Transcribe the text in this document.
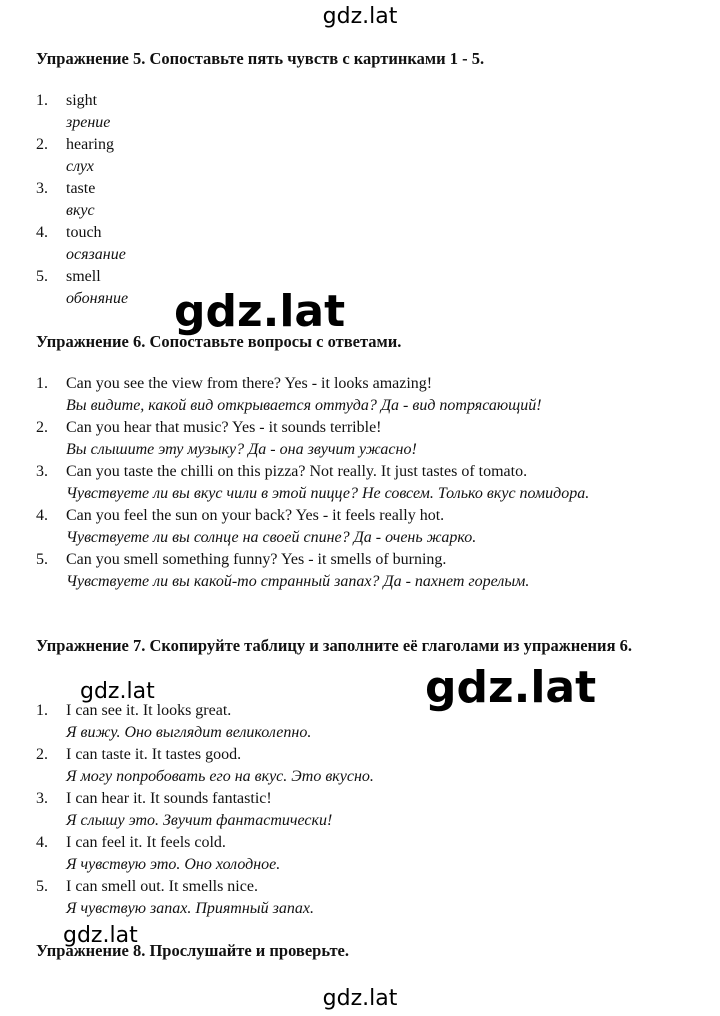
gdz.lat
Упражнение 5. Сопоставьте пять чувств с картинками 1 - 5.
1. sight
зрение
2. hearing
слух
3. taste
вкус
4. touch
осязание
5. smell
обоняние
Упражнение 6. Сопоставьте вопросы с ответами.
1. Can you see the view from there? Yes - it looks amazing!
Вы видите, какой вид открывается оттуда? Да - вид потрясающий!
2. Can you hear that music? Yes - it sounds terrible!
Вы слышите эту музыку? Да - она звучит ужасно!
3. Can you taste the chilli on this pizza? Not really. It just tastes of tomato.
Чувствуете ли вы вкус чили в этой пицце? Не совсем. Только вкус помидора.
4. Can you feel the sun on your back? Yes - it feels really hot.
Чувствуете ли вы солнце на своей спине? Да - очень жарко.
5. Can you smell something funny? Yes - it smells of burning.
Чувствуете ли вы какой-то странный запах? Да - пахнет горелым.
Упражнение 7. Скопируйте таблицу и заполните её глаголами из упражнения 6.
1. I can see it. It looks great.
Я вижу. Оно выглядит великолепно.
2. I can taste it. It tastes good.
Я могу попробовать его на вкус. Это вкусно.
3. I can hear it. It sounds fantastic!
Я слышу это. Звучит фантастически!
4. I can feel it. It feels cold.
Я чувствую это. Оно холодное.
5. I can smell out. It smells nice.
Я чувствую запах. Приятный запах.
Упражнение 8. Прослушайте и проверьте.
gdz.lat
gdz.lat	gdz.lat
gdz.lat
gdz.lat
